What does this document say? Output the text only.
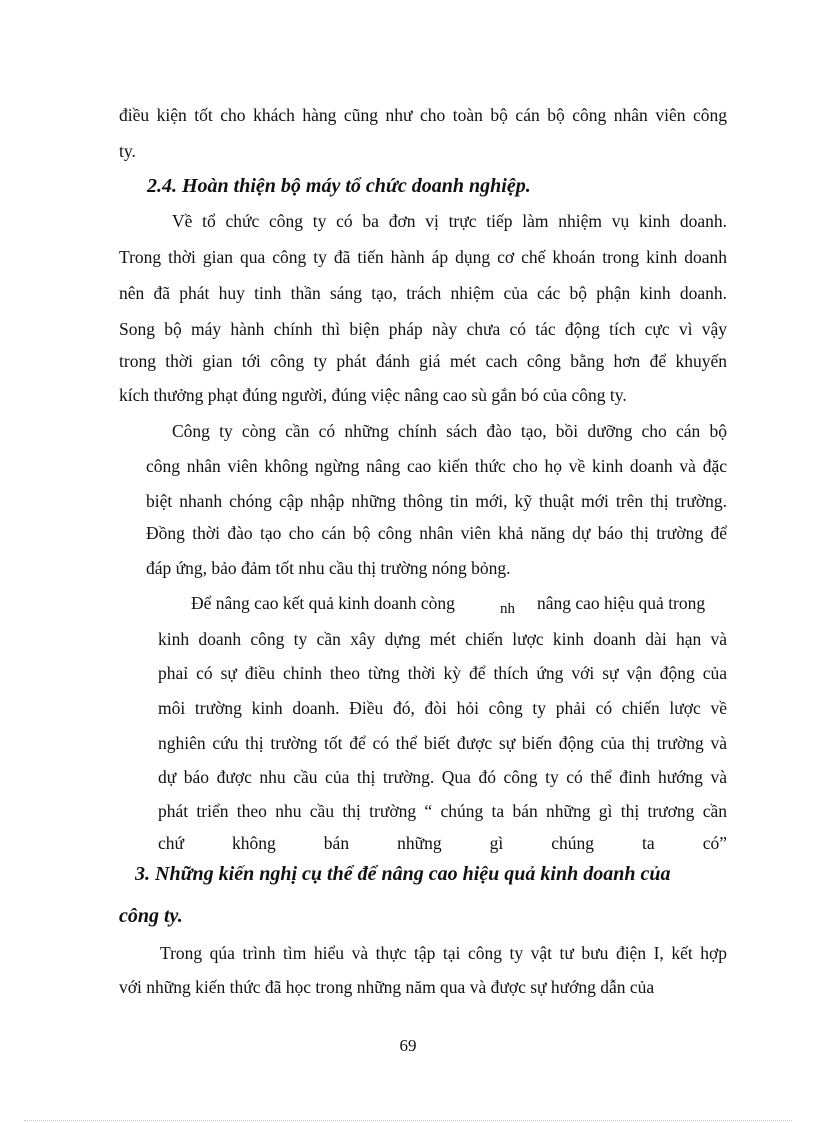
điều kiện tốt cho khách hàng cũng như cho toàn bộ cán bộ công nhân viên công
ty.
2.4. Hoàn thiện bộ máy tổ chức doanh nghiệp.
Về tổ chức công ty có ba đơn vị trực tiếp làm nhiệm vụ kinh doanh.
Trong thời gian qua công ty đã tiến hành áp dụng cơ chế khoán trong kinh doanh
nên đã phát huy tinh thần sáng tạo, trách nhiệm của các bộ phận kinh doanh.
Song bộ máy hành chính thì biện pháp này chưa có tác động tích cực vì vậy
trong thời gian tới công ty phát đánh giá mét cach công bằng hơn để khuyến
kích thưởng phạt đúng người, đúng việc nâng cao sù gắn bó của công ty.
Công ty còng cần có những chính sách đào tạo, bồi dưỡng cho cán bộ
công nhân viên không ngừng nâng cao kiến thức cho họ về kinh doanh và đặc
biệt nhanh chóng cập nhập những thông tin mới, kỹ thuật mới trên thị trường.
Đồng thời đào tạo cho cán bộ công nhân viên khả năng dự báo thị trường để
đáp ứng, bảo đảm tốt nhu cầu thị trường nóng bỏng.
Để nâng cao kết quả kinh doanh còng	nh nâng cao hiệu quả trong
kinh doanh công ty cần xây dựng mét chiến lược kinh doanh dài hạn và
phaỉ có sự điều chỉnh theo từng thời kỳ để thích ứng với sự vận động của
môi trường kinh doanh. Điều đó, đòi hỏi công ty phải có chiến lược về
nghiên cứu thị trường tốt để có thể biết được sự biến động của thị trường và
dự báo được nhu cầu của thị trường. Qua đó công ty có thể đinh hướng và
phát triển theo nhu cầu thị trường “ chúng ta bán những gì thị trương cần
chứ không bán những gì chúng ta có”
3. Những kiến nghị cụ thể để nâng cao hiệu quả kinh doanh của
công ty.
Trong qúa trình tìm hiểu và thực tập tại công ty vật tư bưu điện I, kết hợp
với những kiến thức đã học trong những năm qua và được sự hướng dẫn của
69
